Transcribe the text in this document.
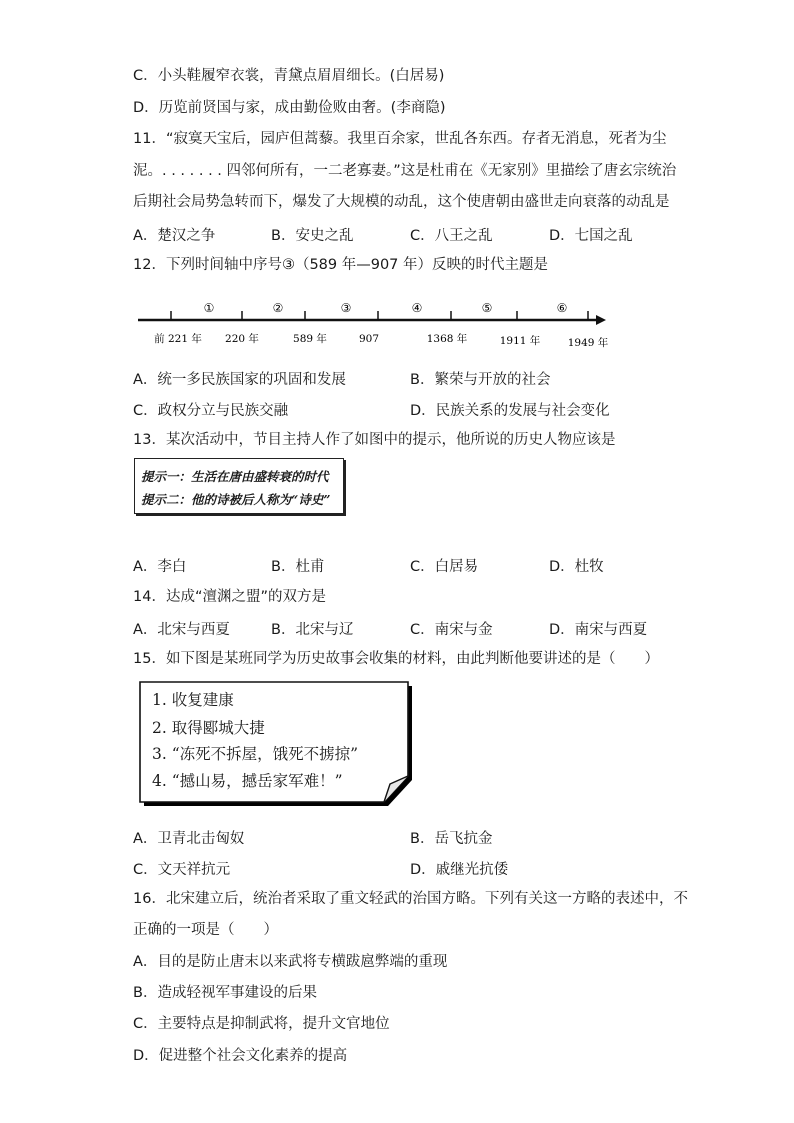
C．小头鞋履窄衣裳，青黛点眉眉细长。(白居易)
D．历览前贤国与家，成由勤俭败由奢。(李商隐)
11．“寂寞天宝后，园庐但蒿藜。我里百余家，世乱各东西。存者无消息，死者为尘
泥。. . . . . . . 四邻何所有，一二老寡妻。”这是杜甫在《无家别》里描绘了唐玄宗统治
后期社会局势急转而下，爆发了大规模的动乱，这个使唐朝由盛世走向衰落的动乱是
A．楚汉之争	B．安史之乱	C．八王之乱	D．七国之乱
12．下列时间轴中序号③（589 年—907 年）反映的时代主题是
①	②	③	④	⑤	⑥
前 221 年 220 年	589 年	907	1368 年	1911 年	1949 年
A．统一多民族国家的巩固和发展	B．繁荣与开放的社会
C．政权分立与民族交融	D．民族关系的发展与社会变化
13．某次活动中，节目主持人作了如图中的提示，他所说的历史人物应该是
提示一：生活在唐由盛转衰的时代
提示二：他的诗被后人称为“诗史”
A．李白	B．杜甫	C．白居易	D．杜牧
14．达成“澶渊之盟”的双方是
A．北宋与西夏	B．北宋与辽	C．南宋与金	D．南宋与西夏
15．如下图是某班同学为历史故事会收集的材料，由此判断他要讲述的是（　　）
1. 收复建康
2. 取得郾城大捷
3. “冻死不拆屋，饿死不掳掠”
4. “撼山易，撼岳家军难！”
A．卫青北击匈奴	B．岳飞抗金
C．文天祥抗元	D．戚继光抗倭
16．北宋建立后，统治者采取了重文轻武的治国方略。下列有关这一方略的表述中，不
正确的一项是（　　）
A．目的是防止唐末以来武将专横跋扈弊端的重现
B．造成轻视军事建设的后果
C．主要特点是抑制武将，提升文官地位
D．促进整个社会文化素养的提高
